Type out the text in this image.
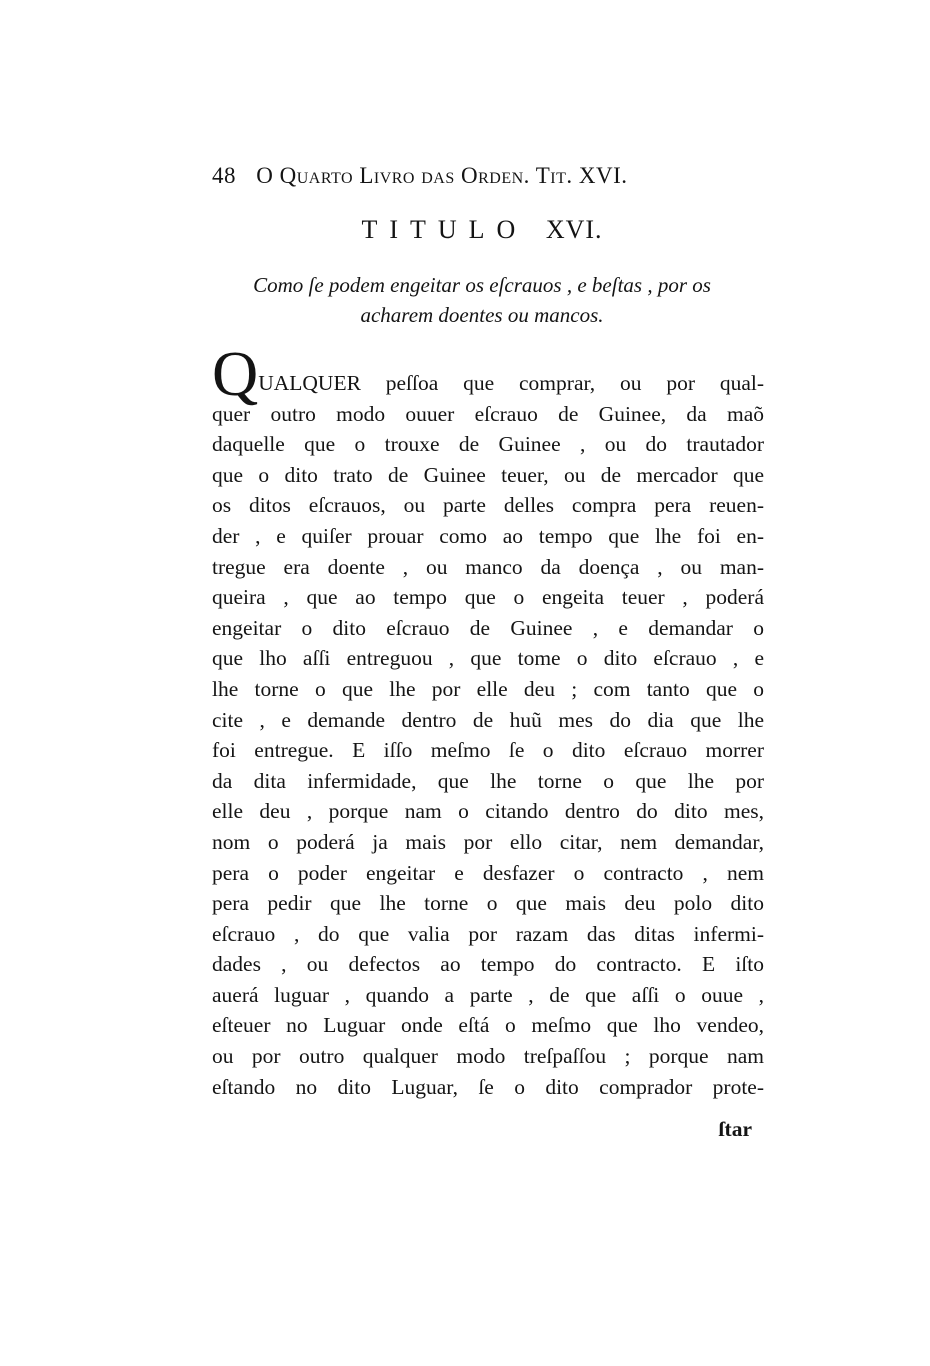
48 O Quarto Livro das Orden. Tit. XVI.
TITULO XVI.
Como ſe podem engeitar os eſcrauos , e beſtas , por os
acharem doentes ou mancos.
QUALQUER peſſoa que comprar, ou por qual-
quer outro modo ouuer eſcrauo de Guinee, da maõ
daquelle que o trouxe de Guinee , ou do trautador
que o dito trato de Guinee teuer, ou de mercador que
os ditos eſcrauos, ou parte delles compra pera reuen-
der , e quiſer prouar como ao tempo que lhe foi en-
tregue era doente , ou manco da doença , ou man-
queira , que ao tempo que o engeita teuer , poderá
engeitar o dito eſcrauo de Guinee , e demandar o
que lho aſſi entreguou , que tome o dito eſcrauo , e
lhe torne o que lhe por elle deu ; com tanto que o
cite , e demande dentro de huũ mes do dia que lhe
foi entregue. E iſſo meſmo ſe o dito eſcrauo morrer
da dita infermidade, que lhe torne o que lhe por
elle deu , porque nam o citando dentro do dito mes,
nom o poderá ja mais por ello citar, nem demandar,
pera o poder engeitar e desfazer o contracto , nem
pera pedir que lhe torne o que mais deu polo dito
eſcrauo , do que valia por razam das ditas infermi-
dades , ou defectos ao tempo do contracto. E iſto
auerá luguar , quando a parte , de que aſſi o ouue ,
eſteuer no Luguar onde eſtá o meſmo que lho vendeo,
ou por outro qualquer modo treſpaſſou ; porque nam
eſtando no dito Luguar, ſe o dito comprador prote-
ſtar
